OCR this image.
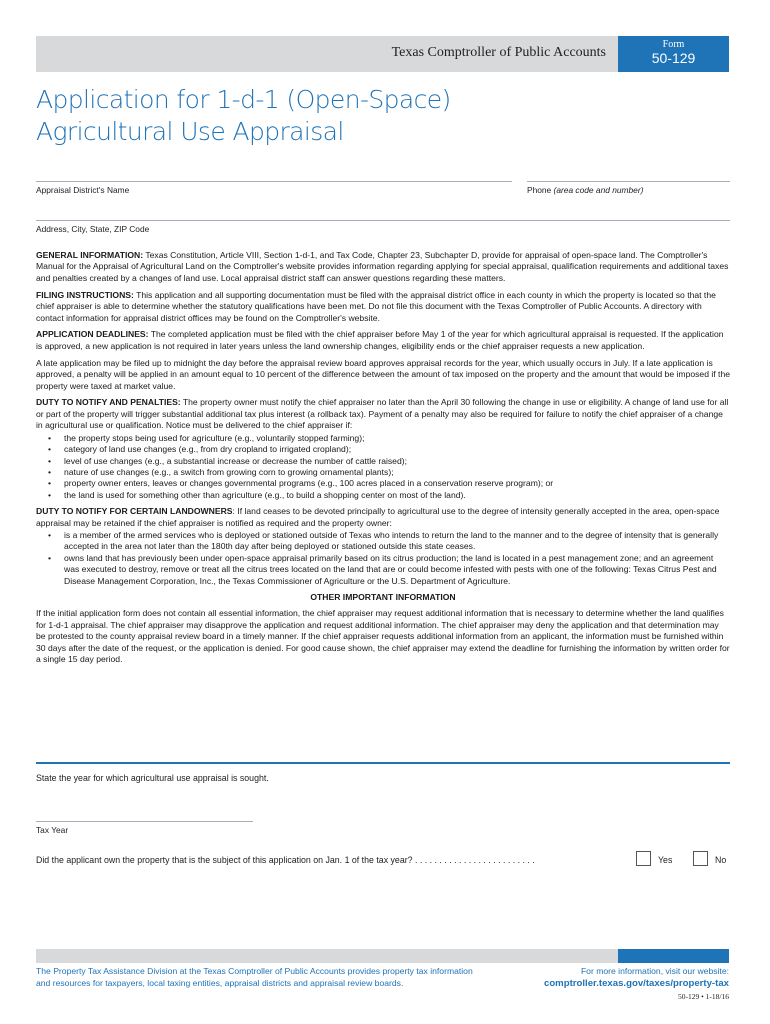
Texas Comptroller of Public Accounts
Form
50-129
Application for 1-d-1 (Open-Space)
Agricultural Use Appraisal
Appraisal District's Name	Phone (area code and number)
Address, City, State, ZIP Code

GENERAL INFORMATION: Texas Constitution, Article VIII, Section 1-d-1, and Tax Code, Chapter 23, Subchapter D, provide for appraisal of open-space land. The Comptroller's Manual for the Appraisal of Agricultural Land on the Comptroller's website provides information regarding applying for special appraisal, qualification requirements and additional taxes and penalties created by a changes of land use. Local appraisal district staff can answer questions regarding these matters.

FILING INSTRUCTIONS: This application and all supporting documentation must be filed with the appraisal district office in each county in which the property is located so that the chief appraiser is able to determine whether the statutory qualifications have been met. Do not file this document with the Texas Comptroller of Public Accounts. A directory with contact information for appraisal district offices may be found on the Comptroller's website.

APPLICATION DEADLINES: The completed application must be filed with the chief appraiser before May 1 of the year for which agricultural appraisal is requested. If the application is approved, a new application is not required in later years unless the land ownership changes, eligibility ends or the chief appraiser requests a new application.

A late application may be filed up to midnight the day before the appraisal review board approves appraisal records for the year, which usually occurs in July. If a late application is approved, a penalty will be applied in an amount equal to 10 percent of the difference between the amount of tax imposed on the property and the amount that would be imposed if the property were taxed at market value.

DUTY TO NOTIFY AND PENALTIES: The property owner must notify the chief appraiser no later than the April 30 following the change in use or eligibility. A change of land use for all or part of the property will trigger substantial additional tax plus interest (a rollback tax). Payment of a penalty may also be required for failure to notify the chief appraiser of a change in agricultural use or qualification. Notice must be delivered to the chief appraiser if:

• the property stops being used for agriculture (e.g., voluntarily stopped farming);
• category of land use changes (e.g., from dry cropland to irrigated cropland);
• level of use changes (e.g., a substantial increase or decrease the number of cattle raised);
• nature of use changes (e.g., a switch from growing corn to growing ornamental plants);
• property owner enters, leaves or changes governmental programs (e.g., 100 acres placed in a conservation reserve program); or
• the land is used for something other than agriculture (e.g., to build a shopping center on most of the land).

DUTY TO NOTIFY FOR CERTAIN LANDOWNERS: If land ceases to be devoted principally to agricultural use to the degree of intensity generally accepted in the area, open-space appraisal may be retained if the chief appraiser is notified as required and the property owner:

• is a member of the armed services who is deployed or stationed outside of Texas who intends to return the land to the manner and to the degree of intensity that is generally accepted in the area not later than the 180th day after being deployed or stationed outside this state ceases.
• owns land that has previously been under open-space appraisal primarily based on its citrus production; the land is located in a pest management zone; and an agreement was executed to destroy, remove or treat all the citrus trees located on the land that are or could become infested with pests with one of the following: Texas Citrus Pest and Disease Management Corporation, Inc., the Texas Commissioner of Agriculture or the U.S. Department of Agriculture.
OTHER IMPORTANT INFORMATION

If the initial application form does not contain all essential information, the chief appraiser may request additional information that is necessary to determine whether the land qualifies for 1-d-1 appraisal. The chief appraiser may disapprove the application and request additional information. The chief appraiser may deny the application and that determination may be protested to the county appraisal review board in a timely manner. If the chief appraiser requests additional information from an applicant, the information must be furnished within 30 days after the date of the request, or the application is denied. For good cause shown, the chief appraiser may extend the deadline for furnishing the information by written order for a single 15 day period.

State the year for which agricultural use appraisal is sought.
Tax Year
Did the applicant own the property that is the subject of this application on Jan. 1 of the tax year? . . . . . . . . . . . . . . . . . . . . . . . . .	Yes	No
The Property Tax Assistance Division at the Texas Comptroller of Public Accounts provides property tax information and resources for taxpayers, local taxing entities, appraisal districts and appraisal review boards.
For more information, visit our website:
comptroller.texas.gov/taxes/property-tax
50-129 • 1-18/16
